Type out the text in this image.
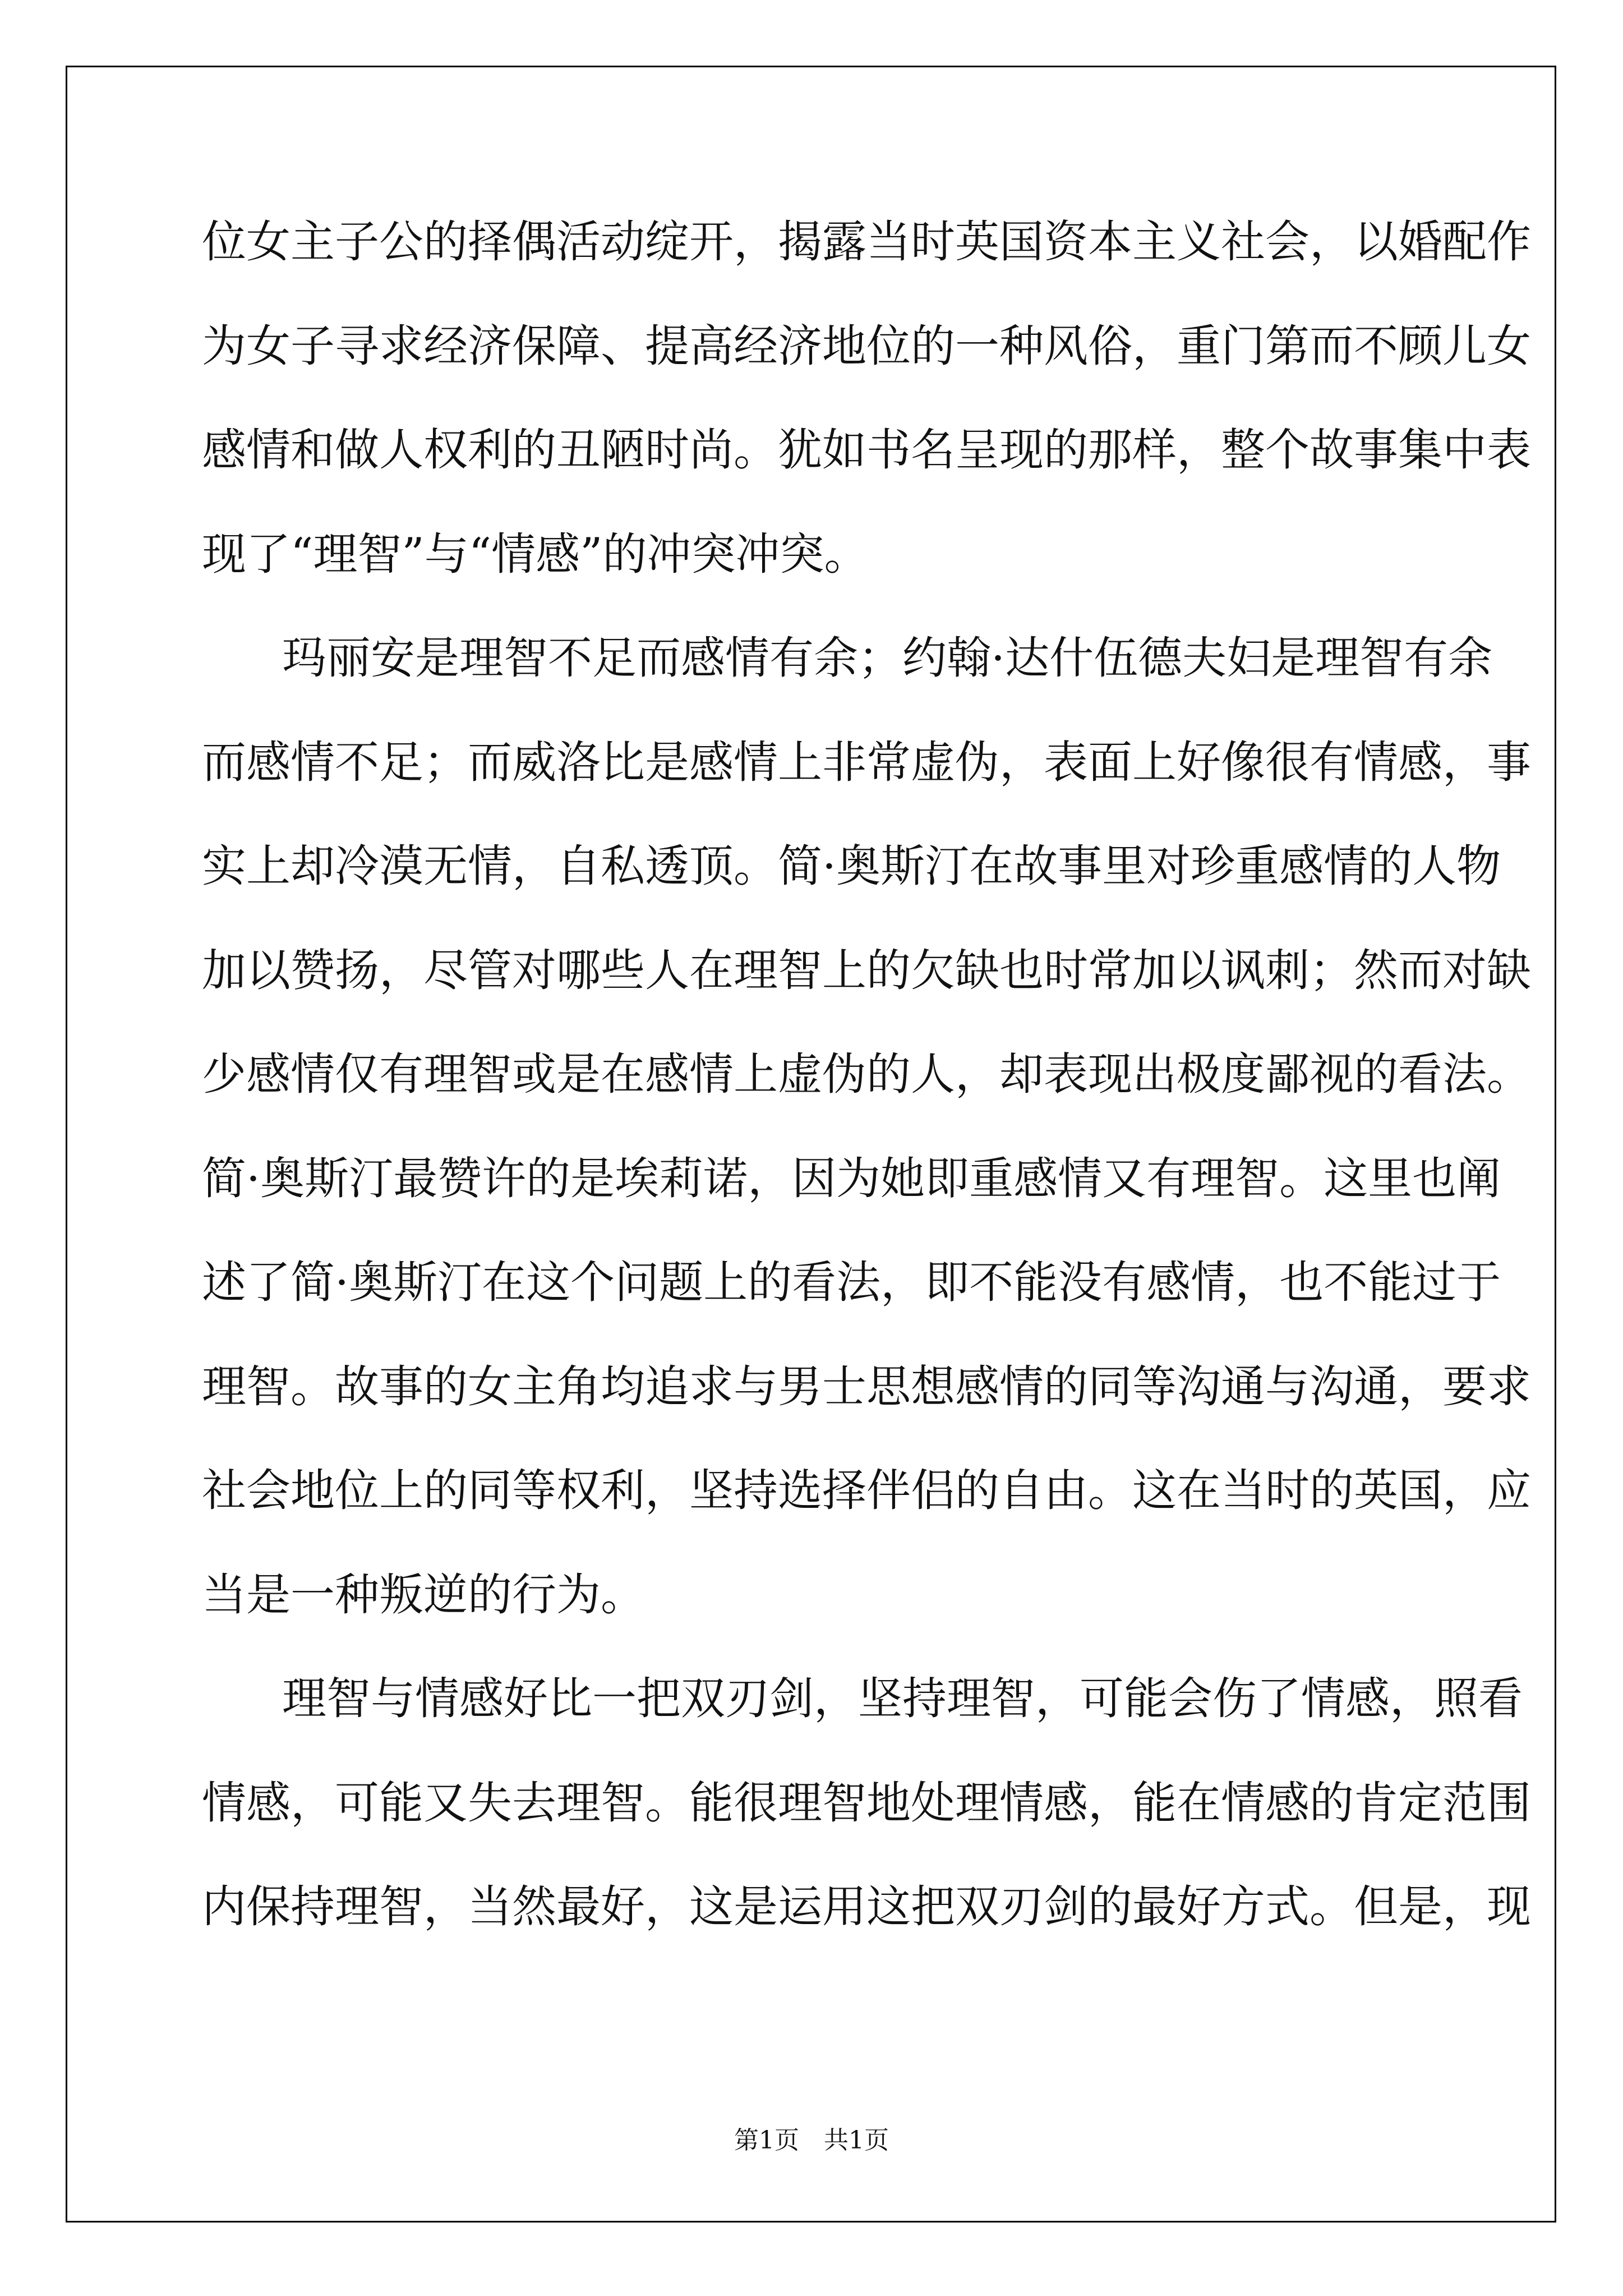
位女主子公的择偶活动绽开，揭露当时英国资本主义社会，以婚配作

为女子寻求经济保障、提高经济地位的一种风俗，重门第而不顾儿女

感情和做人权利的丑陋时尚。犹如书名呈现的那样，整个故事集中表

现了“理智”与“情感”的冲突冲突。

玛丽安是理智不足而感情有余；约翰·达什伍德夫妇是理智有余

而感情不足；而威洛比是感情上非常虚伪，表面上好像很有情感，事

实上却冷漠无情，自私透顶。简·奥斯汀在故事里对珍重感情的人物

加以赞扬，尽管对哪些人在理智上的欠缺也时常加以讽刺；然而对缺

少感情仅有理智或是在感情上虚伪的人，却表现出极度鄙视的看法。

简·奥斯汀最赞许的是埃莉诺，因为她即重感情又有理智。这里也阐

述了简·奥斯汀在这个问题上的看法，即不能没有感情，也不能过于

理智。故事的女主角均追求与男士思想感情的同等沟通与沟通，要求

社会地位上的同等权利，坚持选择伴侣的自由。这在当时的英国，应

当是一种叛逆的行为。

理智与情感好比一把双刃剑，坚持理智，可能会伤了情感，照看

情感，可能又失去理智。能很理智地处理情感，能在情感的肯定范围

内保持理智，当然最好，这是运用这把双刃剑的最好方式。但是，现

第1页 共1页
